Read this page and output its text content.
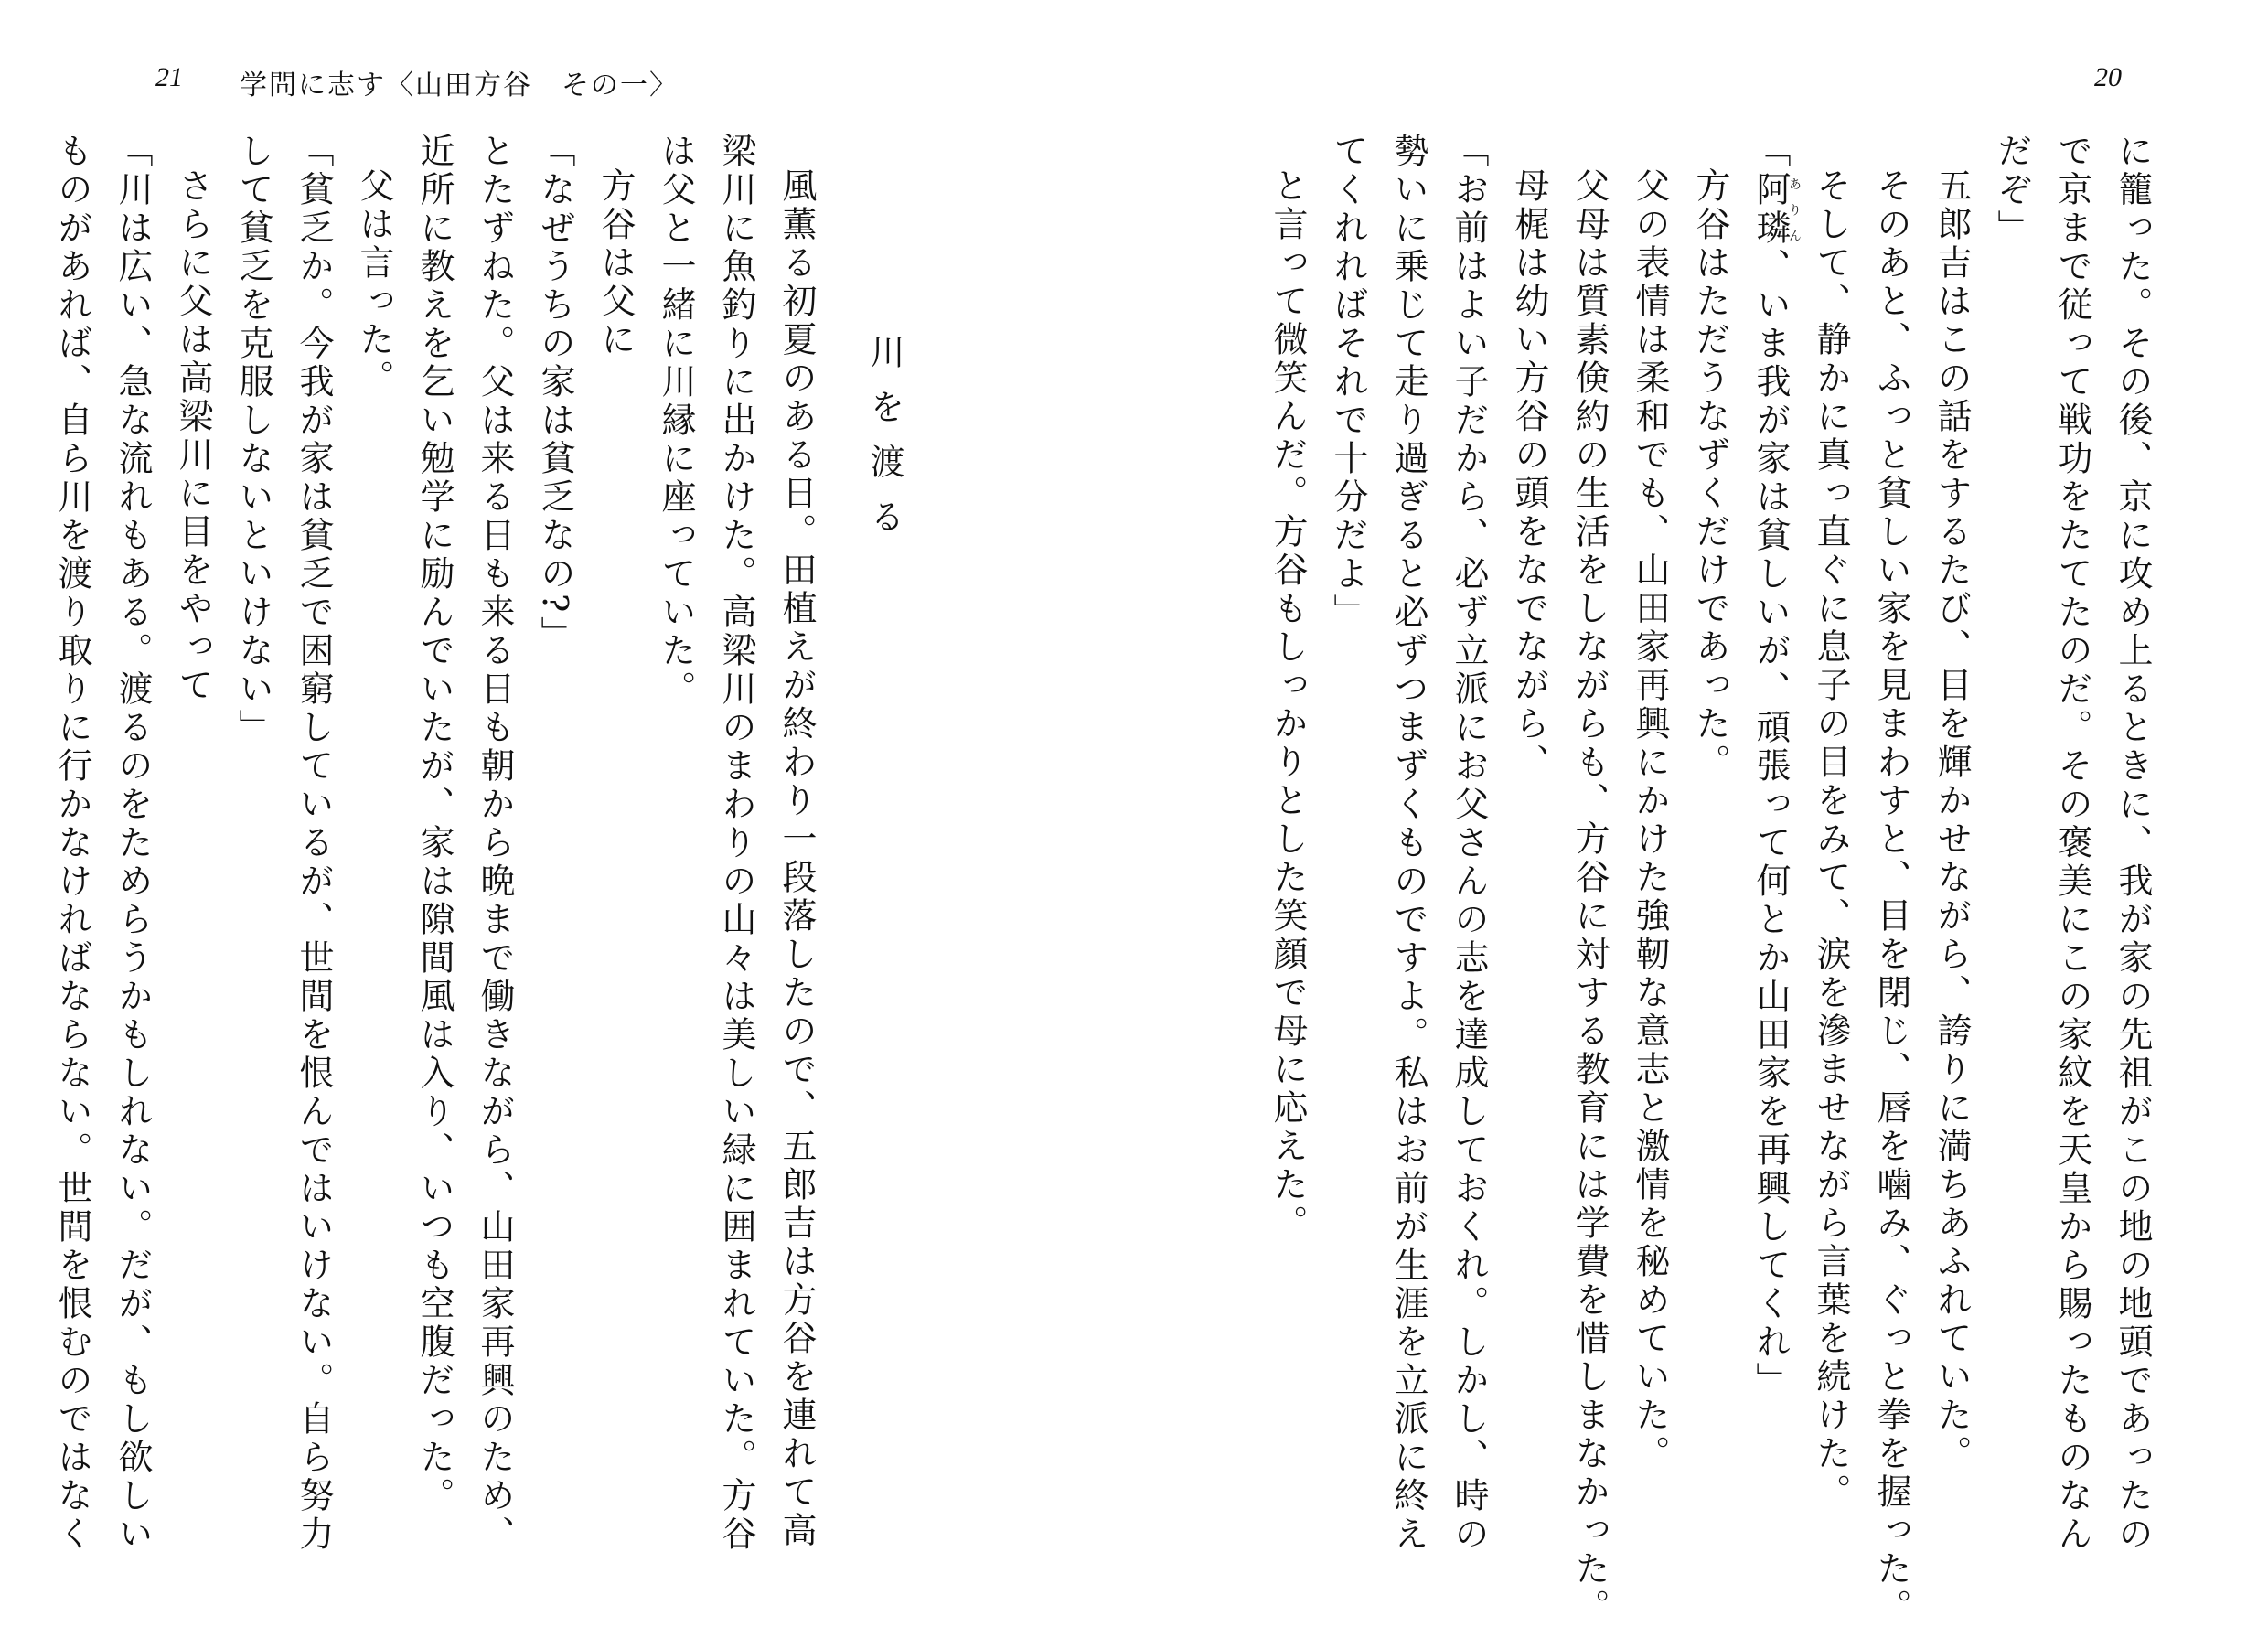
21 学問に志す〈山田方谷　その一〉	20
に籠った。その後、京に攻め上るときに、我が家の先祖がこの地の地頭であったの
で京まで従って戦功をたてたのだ。その褒美にこの家紋を天皇から賜ったものなん
だぞ」
五郎吉はこの話をするたび、目を輝かせながら、誇りに満ちあふれていた。
そのあと、ふっと貧しい家を見まわすと、目を閉じ、唇を噛み、ぐっと拳を握った。
そして、静かに真っ直ぐに息子の目をみて、涙を滲ませながら言葉を続けた。
「阿璘ありん、いま我が家は貧しいが、頑張って何とか山田家を再興してくれ」
方谷はただうなずくだけであった。
父の表情は柔和でも、山田家再興にかけた強靭な意志と激情を秘めていた。
父母は質素倹約の生活をしながらも、方谷に対する教育には学費を惜しまなかった。
母梶は幼い方谷の頭をなでながら、
「お前はよい子だから、必ず立派にお父さんの志を達成しておくれ。しかし、時の
勢いに乗じて走り過ぎると必ずつまずくものですよ。私はお前が生涯を立派に終え
てくれればそれで十分だよ」
と言って微笑んだ。方谷もしっかりとした笑顔で母に応えた。
川を渡る
風薫る初夏のある日。田植えが終わり一段落したので、五郎吉は方谷を連れて高
梁川に魚釣りに出かけた。高梁川のまわりの山々は美しい緑に囲まれていた。方谷
は父と一緒に川縁に座っていた。
方谷は父に
「なぜうちの家は貧乏なの?」
とたずねた。父は来る日も来る日も朝から晩まで働きながら、山田家再興のため、
近所に教えを乞い勉学に励んでいたが、家は隙間風は入り、いつも空腹だった。
父は言った。
「貧乏か。今我が家は貧乏で困窮しているが、世間を恨んではいけない。自ら努力
して貧乏を克服しないといけない」
さらに父は高梁川に目をやって
「川は広い、急な流れもある。渡るのをためらうかもしれない。だが、もし欲しい
ものがあれば、自ら川を渡り取りに行かなければならない。世間を恨むのではなく
